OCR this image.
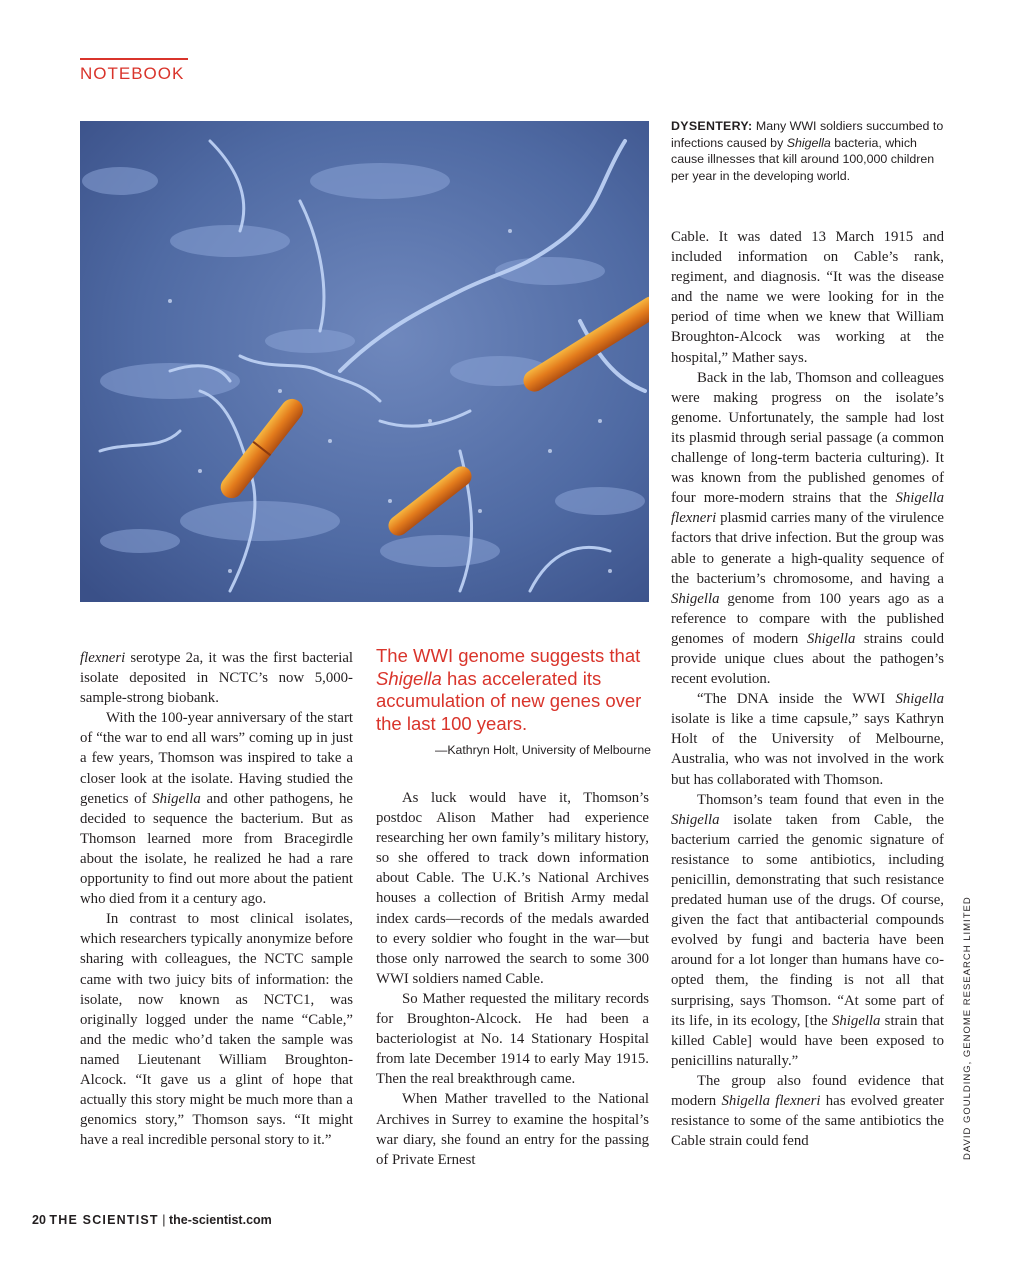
NOTEBOOK
DYSENTERY: Many WWI soldiers succumbed to infections caused by Shigella bacteria, which cause illnesses that kill around 100,000 children per year in the developing world.

flexneri serotype 2a, it was the first bacterial isolate deposited in NCTC’s now 5,000-sample-strong biobank.

With the 100-year anniversary of the start of “the war to end all wars” coming up in just a few years, Thomson was inspired to take a closer look at the isolate. Having studied the genetics of Shigella and other pathogens, he decided to sequence the bacterium. But as Thomson learned more from Bracegirdle about the isolate, he realized he had a rare opportunity to find out more about the patient who died from it a century ago.

In contrast to most clinical isolates, which researchers typically anonymize before sharing with colleagues, the NCTC sample came with two juicy bits of information: the isolate, now known as NCTC1, was originally logged under the name “Cable,” and the medic who’d taken the sample was named Lieutenant William Broughton-Alcock. “It gave us a glint of hope that actually this story might be much more than a genomics story,” Thomson says. “It might have a real incredible personal story to it.”

The WWI genome suggests that Shigella has accelerated its accumulation of new genes over the last 100 years.
—Kathryn Holt, University of Melbourne

As luck would have it, Thomson’s postdoc Alison Mather had experience researching her own family’s military history, so she offered to track down information about Cable. The U.K.’s National Archives houses a collection of British Army medal index cards—records of the medals awarded to every soldier who fought in the war—but those only narrowed the search to some 300 WWI soldiers named Cable.

So Mather requested the military records for Broughton-Alcock. He had been a bacteriologist at No. 14 Stationary Hospital from late December 1914 to early May 1915. Then the real breakthrough came.

When Mather travelled to the National Archives in Surrey to examine the hospital’s war diary, she found an entry for the passing of Private Ernest

Cable. It was dated 13 March 1915 and included information on Cable’s rank, regiment, and diagnosis. “It was the disease and the name we were looking for in the period of time when we knew that William Broughton-Alcock was working at the hospital,” Mather says.

Back in the lab, Thomson and colleagues were making progress on the isolate’s genome. Unfortunately, the sample had lost its plasmid through serial passage (a common challenge of long-term bacteria culturing). It was known from the published genomes of four more-modern strains that the Shigella flexneri plasmid carries many of the virulence factors that drive infection. But the group was able to generate a high-quality sequence of the bacterium’s chromosome, and having a Shigella genome from 100 years ago as a reference to compare with the published genomes of modern Shigella strains could provide unique clues about the pathogen’s recent evolution.

“The DNA inside the WWI Shigella isolate is like a time capsule,” says Kathryn Holt of the University of Melbourne, Australia, who was not involved in the work but has collaborated with Thomson.

Thomson’s team found that even in the Shigella isolate taken from Cable, the bacterium carried the genomic signature of resistance to some antibiotics, including penicillin, demonstrating that such resistance predated human use of the drugs. Of course, given the fact that antibacterial compounds evolved by fungi and bacteria have been around for a lot longer than humans have co-opted them, the finding is not all that surprising, says Thomson. “At some part of its life, in its ecology, [the Shigella strain that killed Cable] would have been exposed to penicillins naturally.”

The group also found evidence that modern Shigella flexneri has evolved greater resistance to some of the same antibiotics the Cable strain could fend	DAVID GOULDING, GENOME RESEARCH LIMITED
20 THE SCIENTIST | the-scientist.com
